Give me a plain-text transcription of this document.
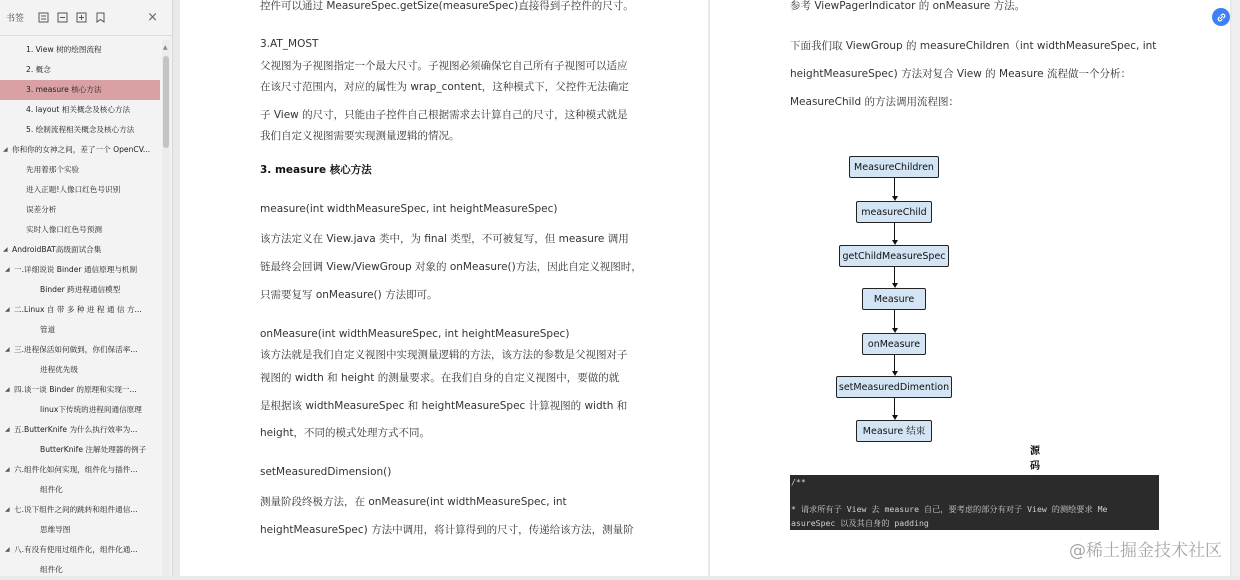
书签	×
1. View 树的绘图流程
2. 概念
3. measure 核心方法
4. layout 相关概念及核心方法
5. 绘制流程相关概念及核心方法
◢ 你和你的女神之间，差了一个 OpenCV...
先用着那个实验
进入正题!人像口红色号识别
误差分析
实时人像口红色号预测
◢ AndroidBAT高级面试合集
◢ 一.详细说说 Binder 通信原理与机制
Binder 跨进程通信模型
◢ 二.Linux 自 带 多 种 进 程 通 信 方...
管道
◢ 三.进程保活如何做到，你们保活率...
进程优先级
◢ 四.谈一谈 Binder 的原理和实现一...
linux下传统的进程间通信原理
◢ 五.ButterKnife 为什么执行效率为...
ButterKnife 注解处理器的例子
◢ 六.组件化如何实现，组件化与插件...
组件化
◢ 七.说下组件之间的跳转和组件通信...
思维导图
◢ 八.有没有使用过组件化，组件化通...
组件化
▲
控件可以通过 MeasureSpec.getSize(measureSpec)直接得到子控件的尺寸。
3.AT_MOST
父视图为子视图指定一个最大尺寸。子视图必须确保它自己所有子视图可以适应
在该尺寸范围内，对应的属性为 wrap_content，这种模式下，父控件无法确定
子 View 的尺寸，只能由子控件自己根据需求去计算自己的尺寸，这种模式就是
我们自定义视图需要实现测量逻辑的情况。
3. measure 核心方法
measure(int widthMeasureSpec, int heightMeasureSpec)
该方法定义在 View.java 类中，为 final 类型，不可被复写，但 measure 调用
链最终会回调 View/ViewGroup 对象的 onMeasure()方法，因此自定义视图时，
只需要复写 onMeasure() 方法即可。
onMeasure(int widthMeasureSpec, int heightMeasureSpec)
该方法就是我们自定义视图中实现测量逻辑的方法，该方法的参数是父视图对子
视图的 width 和 height 的测量要求。在我们自身的自定义视图中，要做的就
是根据该 widthMeasureSpec 和 heightMeasureSpec 计算视图的 width 和
height，不同的模式处理方式不同。
setMeasuredDimension()
测量阶段终极方法，在 onMeasure(int widthMeasureSpec, int
heightMeasureSpec) 方法中调用，将计算得到的尺寸，传递给该方法，测量阶
MeasureChildren
measureChild
getChildMeasureSpec
Measure
onMeasure
setMeasuredDimention
Measure 结束
源码
参考 ViewPagerIndicator 的 onMeasure 方法。
下面我们取 ViewGroup 的 measureChildren（int widthMeasureSpec, int
heightMeasureSpec) 方法对复合 View 的 Measure 流程做一个分析：
MeasureChild 的方法调用流程图：
/**
* 请求所有子 View 去 measure 自己，要考虑的部分有对子 View 的测绘要求 Me
asureSpec 以及其自身的 padding
@稀土掘金技术社区
